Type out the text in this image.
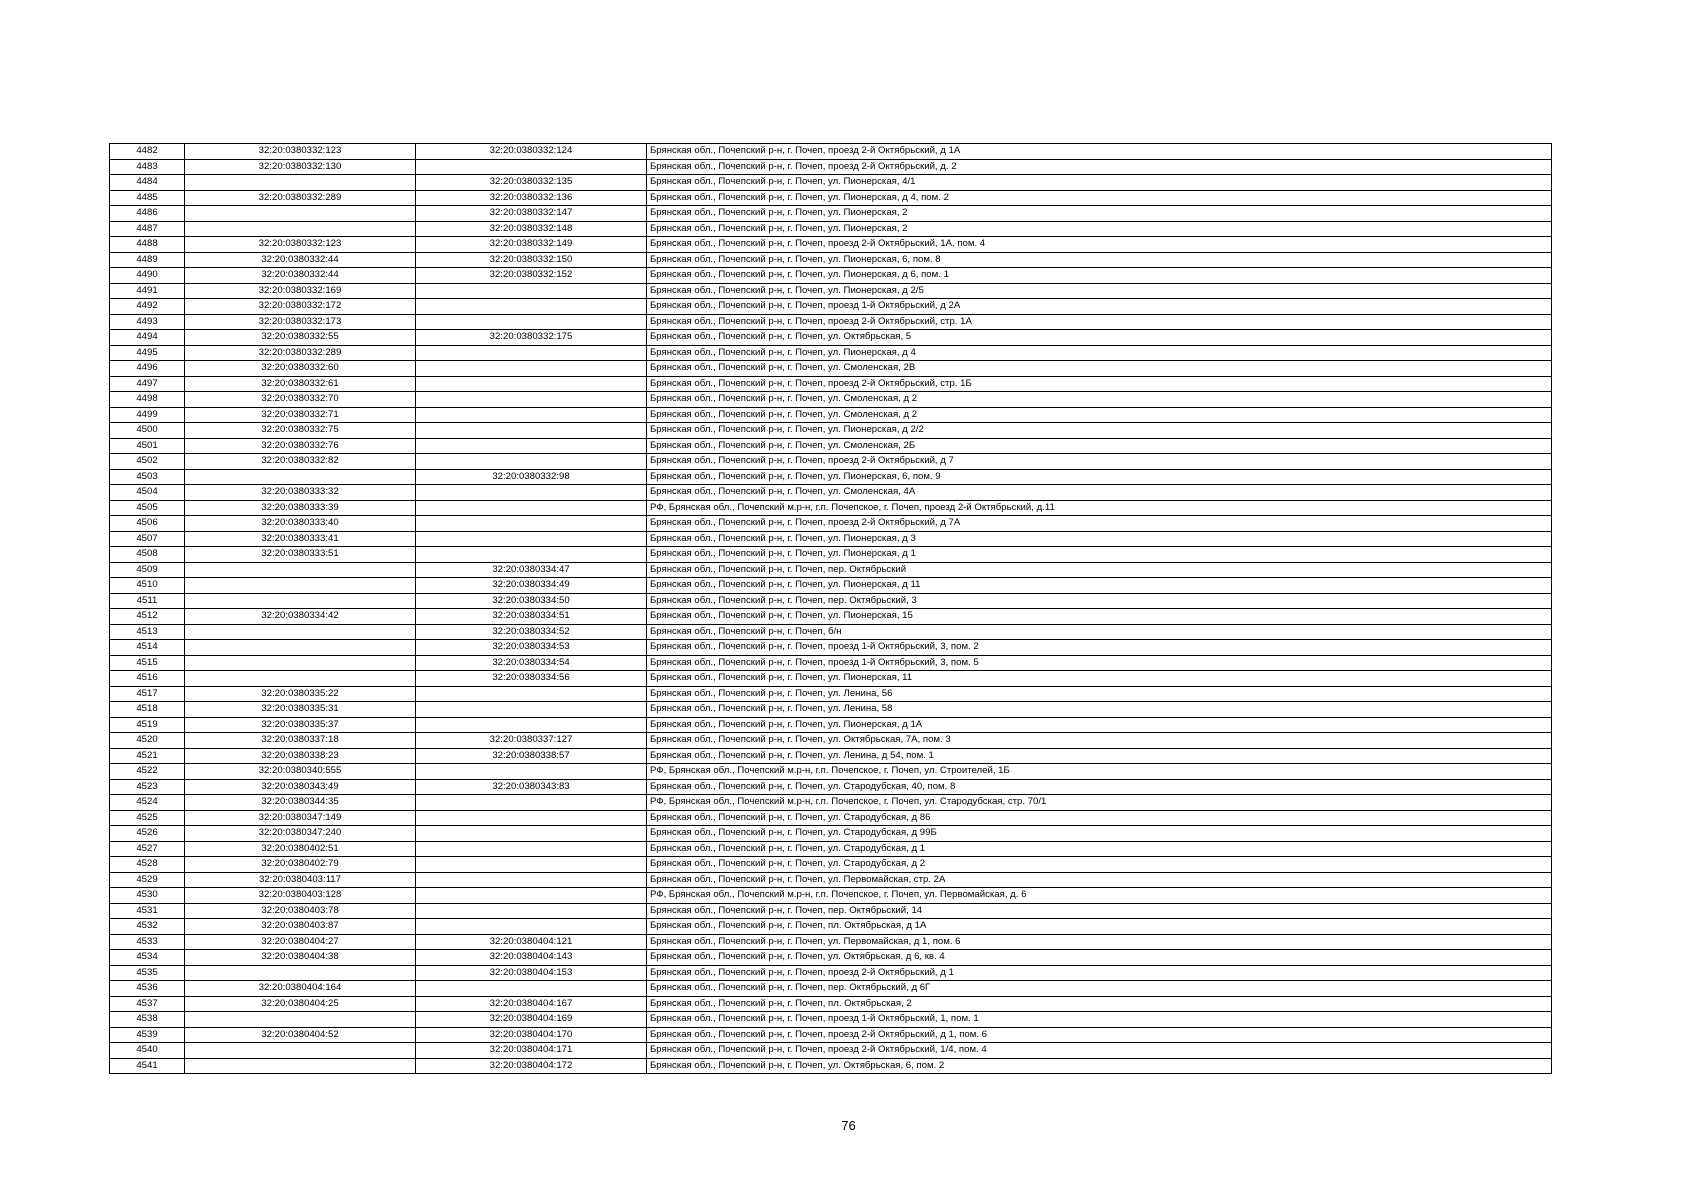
4482	32:20:0380332:123	32:20:0380332:124	Брянская обл., Почепский р-н, г. Почеп, проезд 2-й Октябрьский, д 1А
4483	32:20:0380332:130		Брянская обл., Почепский р-н, г. Почеп, проезд 2-й Октябрьский, д. 2
4484		32:20:0380332:135	Брянская обл., Почепский р-н, г. Почеп, ул. Пионерская, 4/1
4485	32:20:0380332:289	32:20:0380332:136	Брянская обл., Почепский р-н, г. Почеп, ул. Пионерская, д 4, пом. 2
4486		32:20:0380332:147	Брянская обл., Почепский р-н, г. Почеп, ул. Пионерская, 2
4487		32:20:0380332:148	Брянская обл., Почепский р-н, г. Почеп, ул. Пионерская, 2
4488	32:20:0380332:123	32:20:0380332:149	Брянская обл., Почепский р-н, г. Почеп, проезд 2-й Октябрьский, 1А, пом. 4
4489	32:20:0380332:44	32:20:0380332:150	Брянская обл., Почепский р-н, г. Почеп, ул. Пионерская, 6, пом. 8
4490	32:20:0380332:44	32:20:0380332:152	Брянская обл., Почепский р-н, г. Почеп, ул. Пионерская, д 6, пом. 1
4491	32:20:0380332:169		Брянская обл., Почепский р-н, г. Почеп, ул. Пионерская, д 2/5
4492	32:20:0380332:172		Брянская обл., Почепский р-н, г. Почеп, проезд 1-й Октябрьский, д 2А
4493	32:20:0380332:173		Брянская обл., Почепский р-н, г. Почеп, проезд 2-й Октябрьский, стр. 1А
4494	32:20:0380332:55	32:20:0380332:175	Брянская обл., Почепский р-н, г. Почеп, ул. Октябрьская, 5
4495	32:20:0380332:289		Брянская обл., Почепский р-н, г. Почеп, ул. Пионерская, д 4
4496	32:20:0380332:60		Брянская обл., Почепский р-н, г. Почеп, ул. Смоленская, 2В
4497	32:20:0380332:61		Брянская обл., Почепский р-н, г. Почеп, проезд 2-й Октябрьский, стр. 1Б
4498	32:20:0380332:70		Брянская обл., Почепский р-н, г. Почеп, ул. Смоленская, д 2
4499	32:20:0380332:71		Брянская обл., Почепский р-н, г. Почеп, ул. Смоленская, д 2
4500	32:20:0380332:75		Брянская обл., Почепский р-н, г. Почеп, ул. Пионерская, д 2/2
4501	32:20:0380332:76		Брянская обл., Почепский р-н, г. Почеп, ул. Смоленская, 2Б
4502	32:20:0380332:82		Брянская обл., Почепский р-н, г. Почеп, проезд 2-й Октябрьский, д 7
4503		32:20:0380332:98	Брянская обл., Почепский р-н, г. Почеп, ул. Пионерская, 6, пом. 9
4504	32:20:0380333:32		Брянская обл., Почепский р-н, г. Почеп, ул. Смоленская, 4А
4505	32:20:0380333:39		РФ, Брянская обл., Почепский м.р-н, г.п. Почепское, г. Почеп, проезд 2-й Октябрьский, д.11
4506	32:20:0380333:40		Брянская обл., Почепский р-н, г. Почеп, проезд 2-й Октябрьский, д 7А
4507	32:20:0380333:41		Брянская обл., Почепский р-н, г. Почеп, ул. Пионерская, д 3
4508	32:20:0380333:51		Брянская обл., Почепский р-н, г. Почеп, ул. Пионерская, д 1
4509		32:20:0380334:47	Брянская обл., Почепский р-н, г. Почеп, пер. Октябрьский
4510		32:20:0380334:49	Брянская обл., Почепский р-н, г. Почеп, ул. Пионерская, д 11
4511		32:20:0380334:50	Брянская обл., Почепский р-н, г. Почеп, пер. Октябрьский, 3
4512	32:20:0380334:42	32:20:0380334:51	Брянская обл., Почепский р-н, г. Почеп, ул. Пионерская, 15
4513		32:20:0380334:52	Брянская обл., Почепский р-н, г. Почеп, б/н
4514		32:20:0380334:53	Брянская обл., Почепский р-н, г. Почеп, проезд 1-й Октябрьский, 3, пом. 2
4515		32:20:0380334:54	Брянская обл., Почепский р-н, г. Почеп, проезд 1-й Октябрьский, 3, пом. 5
4516		32:20:0380334:56	Брянская обл., Почепский р-н, г. Почеп, ул. Пионерская, 11
4517	32:20:0380335:22		Брянская обл., Почепский р-н, г. Почеп, ул. Ленина, 56
4518	32:20:0380335:31		Брянская обл., Почепский р-н, г. Почеп, ул. Ленина, 58
4519	32:20:0380335:37		Брянская обл., Почепский р-н, г. Почеп, ул. Пионерская, д 1А
4520	32:20:0380337:18	32:20:0380337:127	Брянская обл., Почепский р-н, г. Почеп, ул. Октябрьская, 7А, пом. 3
4521	32:20:0380338:23	32:20:0380338:57	Брянская обл., Почепский р-н, г. Почеп, ул. Ленина, д 54, пом. 1
4522	32:20:0380340:555		РФ, Брянская обл., Почепский м.р-н, г.п. Почепское, г. Почеп, ул. Строителей, 1Б
4523	32:20:0380343:49	32:20:0380343:83	Брянская обл., Почепский р-н, г. Почеп, ул. Стародубская, 40, пом. 8
4524	32:20:0380344:35		РФ, Брянская обл., Почепский м.р-н, г.п. Почепское, г. Почеп, ул. Стародубская, стр. 70/1
4525	32:20:0380347:149		Брянская обл., Почепский р-н, г. Почеп, ул. Стародубская, д 86
4526	32:20:0380347:240		Брянская обл., Почепский р-н, г. Почеп, ул. Стародубская, д 99Б
4527	32:20:0380402:51		Брянская обл., Почепский р-н, г. Почеп, ул. Стародубская, д 1
4528	32:20:0380402:79		Брянская обл., Почепский р-н, г. Почеп, ул. Стародубская, д 2
4529	32:20:0380403:117		Брянская обл., Почепский р-н, г. Почеп, ул. Первомайская, стр. 2А
4530	32:20:0380403:128		РФ, Брянская обл., Почепский м.р-н, г.п. Почепское, г. Почеп, ул. Первомайская, д. 6
4531	32:20:0380403:78		Брянская обл., Почепский р-н, г. Почеп, пер. Октябрьский, 14
4532	32:20:0380403:87		Брянская обл., Почепский р-н, г. Почеп, пл. Октябрьская, д 1А
4533	32:20:0380404:27	32:20:0380404:121	Брянская обл., Почепский р-н, г. Почеп, ул. Первомайская, д 1, пом. 6
4534	32:20:0380404:38	32:20:0380404:143	Брянская обл., Почепский р-н, г. Почеп, ул. Октябрьская, д 6, кв. 4
4535		32:20:0380404:153	Брянская обл., Почепский р-н, г. Почеп, проезд 2-й Октябрьский, д 1
4536	32:20:0380404:164		Брянская обл., Почепский р-н, г. Почеп, пер. Октябрьский, д 6Г
4537	32:20:0380404:25	32:20:0380404:167	Брянская обл., Почепский р-н, г. Почеп, пл. Октябрьская, 2
4538		32:20:0380404:169	Брянская обл., Почепский р-н, г. Почеп, проезд 1-й Октябрьский, 1, пом. 1
4539	32:20:0380404:52	32:20:0380404:170	Брянская обл., Почепский р-н, г. Почеп, проезд 2-й Октябрьский, д 1, пом. 6
4540		32:20:0380404:171	Брянская обл., Почепский р-н, г. Почеп, проезд 2-й Октябрьский, 1/4, пом. 4
4541		32:20:0380404:172	Брянская обл., Почепский р-н, г. Почеп, ул. Октябрьская, 6, пом. 2
76
